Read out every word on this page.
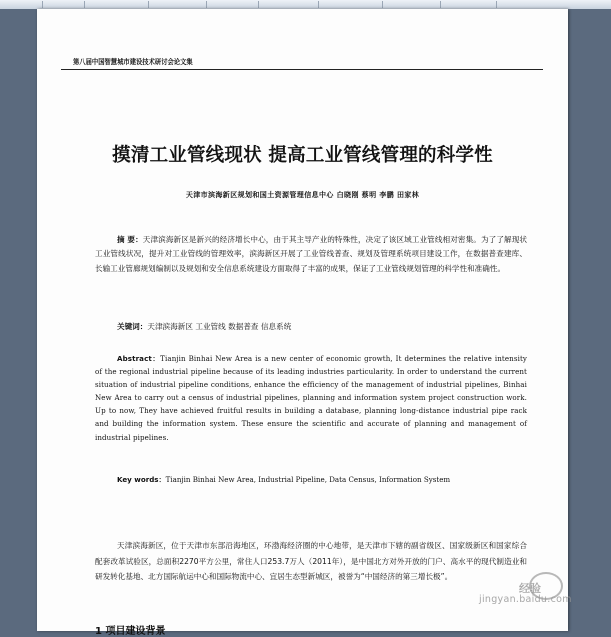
第八届中国智慧城市建设技术研讨会论文集

摸清工业管线现状 提高工业管线管理的科学性

天津市滨海新区规划和国土资源管理信息中心 白晓刚 蔡明 李鹏 田家林

摘 要：天津滨海新区是新兴的经济增长中心，由于其主导产业的特殊性，决定了该区域工业管线相对密集。为了了解现状工业管线状况，提升对工业管线的管理效率，滨海新区开展了工业管线普查、规划及管理系统项目建设工作，在数据普查建库、长输工业管廊规划编制以及规划和安全信息系统建设方面取得了丰富的成果，保证了工业管线规划管理的科学性和准确性。

关键词：天津滨海新区 工业管线 数据普查 信息系统

Abstract：Tianjin Binhai New Area is a new center of economic growth, It determines the relative intensity of the regional industrial pipeline because of its leading industries particularity. In order to understand the current situation of industrial pipeline conditions, enhance the efficiency of the management of industrial pipelines, Binhai New Area to carry out a census of industrial pipelines, planning and information system project construction work. Up to now, They have achieved fruitful results in building a database, planning long-distance industrial pipe rack and building the information system. These ensure the scientific and accurate of planning and management of industrial pipelines.

Key words：Tianjin Binhai New Area, Industrial Pipeline, Data Census, Information System

天津滨海新区，位于天津市东部沿海地区，环渤海经济圈的中心地带，是天津市下辖的副省级区、国家级新区和国家综合配套改革试验区，总面积2270平方公里，常住人口253.7万人（2011年），是中国北方对外开放的门户、高水平的现代制造业和研发转化基地、北方国际航运中心和国际物流中心、宜居生态型新城区，被誉为“中国经济的第三增长极”。

1 项目建设背景

经验
jingyan.baidu.com
